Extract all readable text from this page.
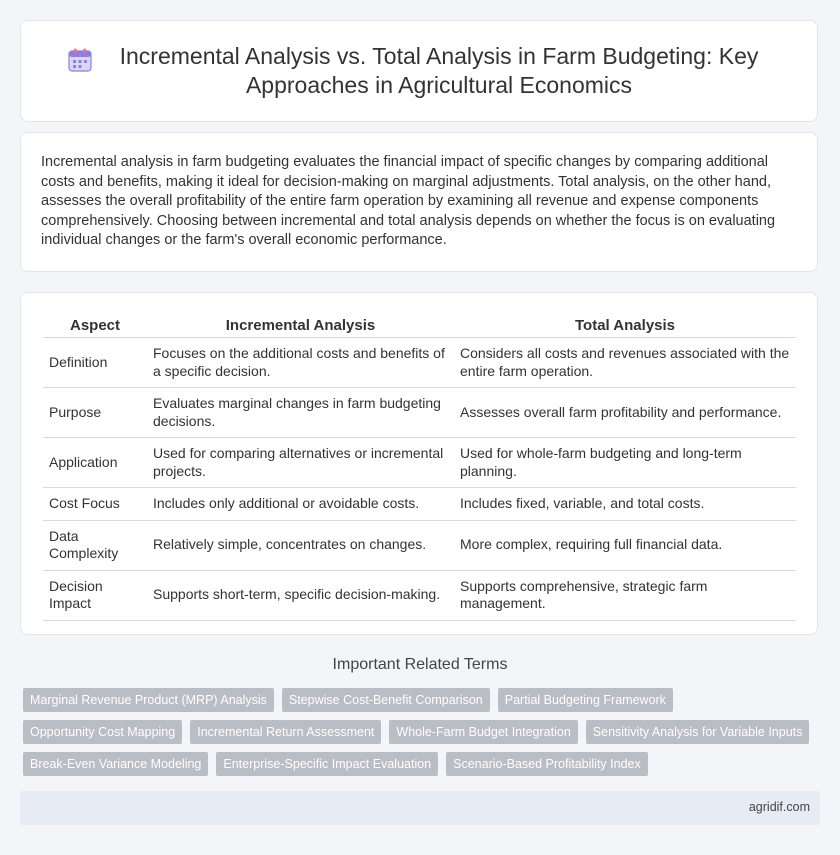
Incremental Analysis vs. Total Analysis in Farm Budgeting: Key Approaches in Agricultural Economics

Incremental analysis in farm budgeting evaluates the financial impact of specific changes by comparing additional costs and benefits, making it ideal for decision-making on marginal adjustments. Total analysis, on the other hand, assesses the overall profitability of the entire farm operation by examining all revenue and expense components comprehensively. Choosing between incremental and total analysis depends on whether the focus is on evaluating individual changes or the farm's overall economic performance.

Aspect	Incremental Analysis	Total Analysis
Definition	Focuses on the additional costs and benefits of a specific decision.	Considers all costs and revenues associated with the entire farm operation.
Purpose	Evaluates marginal changes in farm budgeting decisions.	Assesses overall farm profitability and performance.
Application	Used for comparing alternatives or incremental projects.	Used for whole-farm budgeting and long-term planning.
Cost Focus	Includes only additional or avoidable costs.	Includes fixed, variable, and total costs.
Data Complexity	Relatively simple, concentrates on changes.	More complex, requiring full financial data.
Decision Impact	Supports short-term, specific decision-making.	Supports comprehensive, strategic farm management.
Important Related Terms
Marginal Revenue Product (MRP) Analysis	Stepwise Cost-Benefit Comparison	Partial Budgeting Framework
Opportunity Cost Mapping	Incremental Return Assessment	Whole-Farm Budget Integration	Sensitivity Analysis for Variable Inputs
Break-Even Variance Modeling	Enterprise-Specific Impact Evaluation	Scenario-Based Profitability Index
agridif.com
